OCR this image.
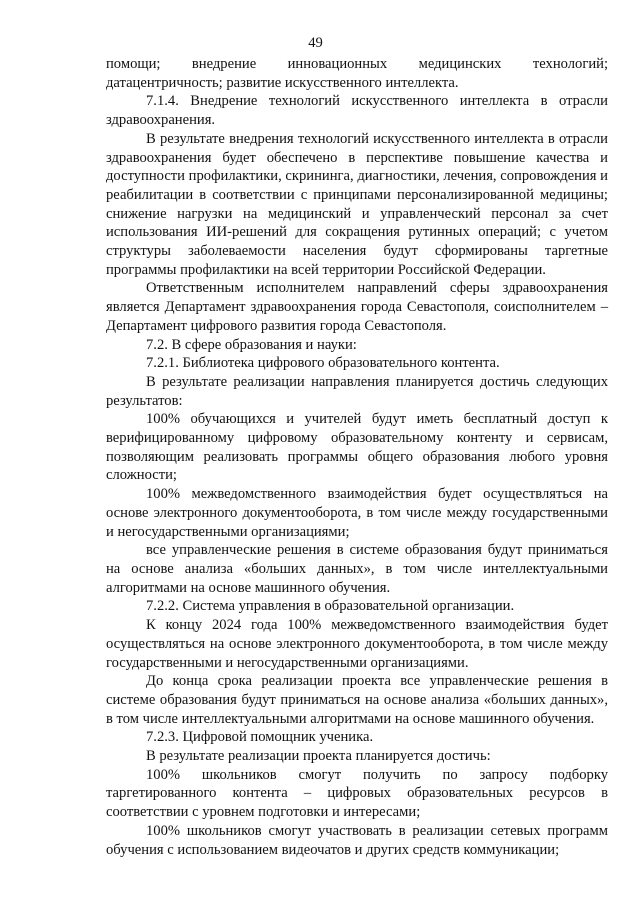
49

помощи; внедрение инновационных медицинских технологий; датацентричность; развитие искусственного интеллекта.

7.1.4. Внедрение технологий искусственного интеллекта в отрасли здравоохранения.

В результате внедрения технологий искусственного интеллекта в отрасли здравоохранения будет обеспечено в перспективе повышение качества и доступности профилактики, скрининга, диагностики, лечения, сопровождения и реабилитации в соответствии с принципами персонализированной медицины; снижение нагрузки на медицинский и управленческий персонал за счет использования ИИ-решений для сокращения рутинных операций; с учетом структуры заболеваемости населения будут сформированы таргетные программы профилактики на всей территории Российской Федерации.

Ответственным исполнителем направлений сферы здравоохранения является Департамент здравоохранения города Севастополя, соисполнителем – Департамент цифрового развития города Севастополя.

7.2. В сфере образования и науки:

7.2.1. Библиотека цифрового образовательного контента.

В результате реализации направления планируется достичь следующих результатов:

100% обучающихся и учителей будут иметь бесплатный доступ к верифицированному цифровому образовательному контенту и сервисам, позволяющим реализовать программы общего образования любого уровня сложности;

100% межведомственного взаимодействия будет осуществляться на основе электронного документооборота, в том числе между государственными и негосударственными организациями;

все управленческие решения в системе образования будут приниматься на основе анализа «больших данных», в том числе интеллектуальными алгоритмами на основе машинного обучения.

7.2.2. Система управления в образовательной организации.

К концу 2024 года 100% межведомственного взаимодействия будет осуществляться на основе электронного документооборота, в том числе между государственными и негосударственными организациями.

До конца срока реализации проекта все управленческие решения в системе образования будут приниматься на основе анализа «больших данных», в том числе интеллектуальными алгоритмами на основе машинного обучения.

7.2.3. Цифровой помощник ученика.

В результате реализации проекта планируется достичь:

100% школьников смогут получить по запросу подборку таргетированного контента – цифровых образовательных ресурсов в соответствии с уровнем подготовки и интересами;

100% школьников смогут участвовать в реализации сетевых программ обучения с использованием видеочатов и других средств коммуникации;
